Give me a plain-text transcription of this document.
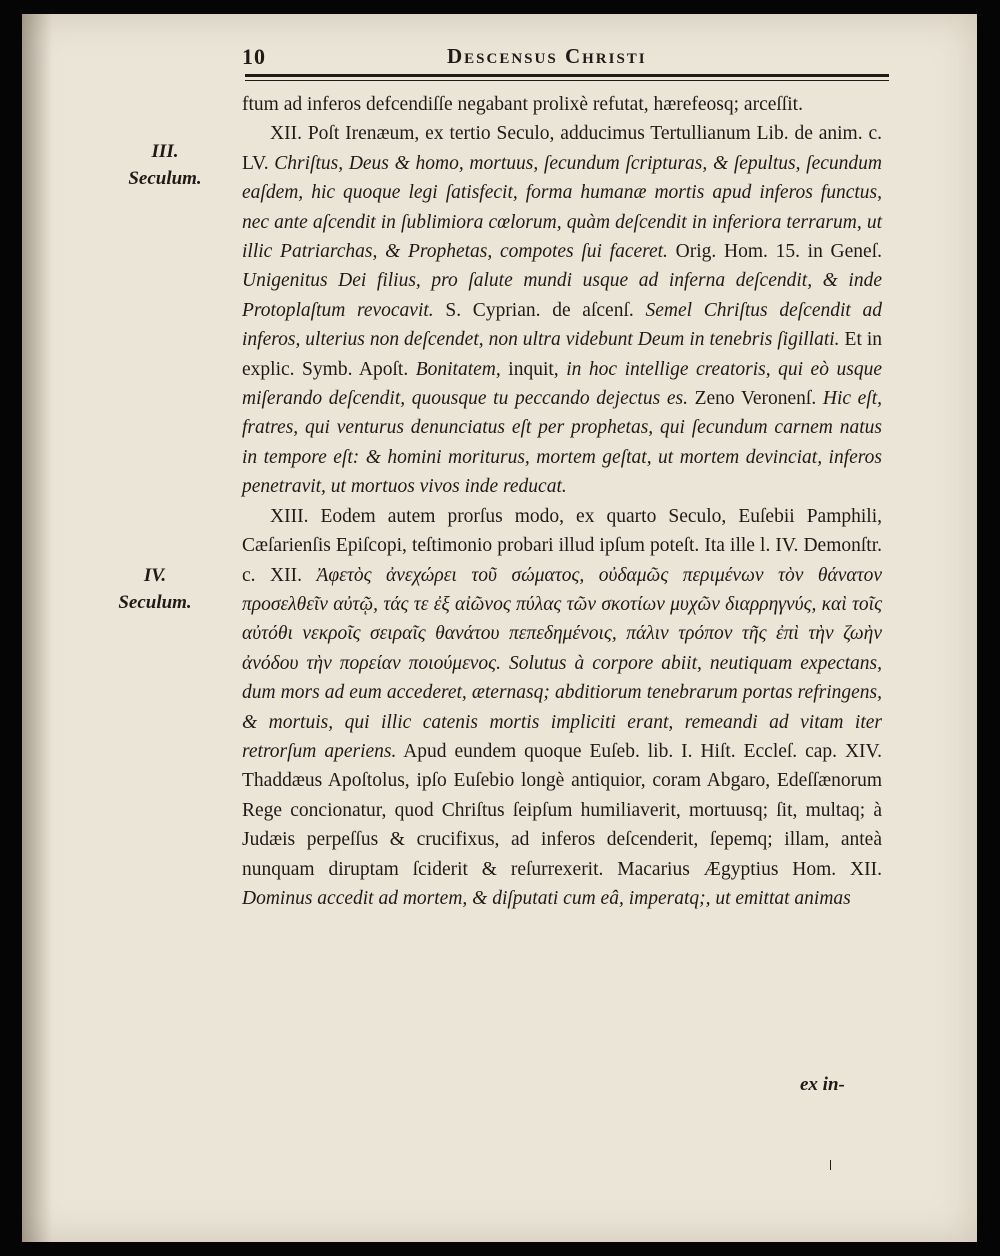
10	Descensus Christi
III.
Seculum.
IV.
Seculum.

ftum ad inferos defcendiſſe negabant prolixè refutat, hærefeosq; arceſſit.

XII. Poſt Irenæum, ex tertio Seculo, adducimus Tertullianum Lib. de anim. c. LV. Chriſtus, Deus & homo, mortuus, ſecundum ſcripturas, & ſepultus, ſecundum eaſdem, hic quoque legi ſatisfecit, forma humanæ mortis apud inferos functus, nec ante aſcendit in ſublimiora cœlorum, quàm deſcendit in inferiora terrarum, ut illic Patriarchas, & Prophetas, compotes ſui faceret. Orig. Hom. 15. in Geneſ. Unigenitus Dei filius, pro ſalute mundi usque ad inferna deſcendit, & inde Protoplaſtum revocavit. S. Cyprian. de aſcenſ. Semel Chriſtus deſcendit ad inferos, ulterius non deſcendet, non ultra videbunt Deum in tenebris ſigillati. Et in explic. Symb. Apoſt. Bonitatem, inquit, in hoc intellige creatoris, qui eò usque miſerando deſcendit, quousque tu peccando dejectus es. Zeno Veronenſ. Hic eſt, fratres, qui venturus denunciatus eſt per prophetas, qui ſecundum carnem natus in tempore eſt: & homini moriturus, mortem geſtat, ut mortem devinciat, inferos penetravit, ut mortuos vivos inde reducat.

XIII. Eodem autem prorſus modo, ex quarto Seculo, Euſebii Pamphili, Cæſarienſis Epiſcopi, teſtimonio probari illud ipſum poteſt. Ita ille l. IV. Demonſtr. c. XII. Ἀφετὸς ἀνεχώρει τοῦ σώματος, οὐδαμῶς περιμένων τὸν θάνατον προσελθεῖν αὐτῷ, τάς τε ἐξ αἰῶνος πύλας τῶν σκοτίων μυχῶν διαρρηγνύς, καὶ τοῖς αὐτόθι νεκροῖς σειραῖς θανάτου πεπεδημένοις, πάλιν τρόπον τῆς ἐπὶ τὴν ζωὴν ἀνόδου τὴν πορείαν ποιούμενος. Solutus à corpore abiit, neutiquam expectans, dum mors ad eum accederet, æternasq; abditiorum tenebrarum portas refringens, & mortuis, qui illic catenis mortis impliciti erant, remeandi ad vitam iter retrorſum aperiens. Apud eundem quoque Euſeb. lib. I. Hiſt. Eccleſ. cap. XIV. Thaddæus Apoſtolus, ipſo Euſebio longè antiquior, coram Abgaro, Edeſſænorum Rege concionatur, quod Chriſtus ſeipſum humiliaverit, mortuusq; ſit, multaq; à Judæis perpeſſus & crucifixus, ad inferos deſcenderit, ſepemq; illam, anteà nunquam diruptam ſciderit & reſurrexerit. Macarius Ægyptius Hom. XII. Dominus accedit ad mortem, & diſputati cum eâ, imperatq;, ut emittat animas

ex in-
